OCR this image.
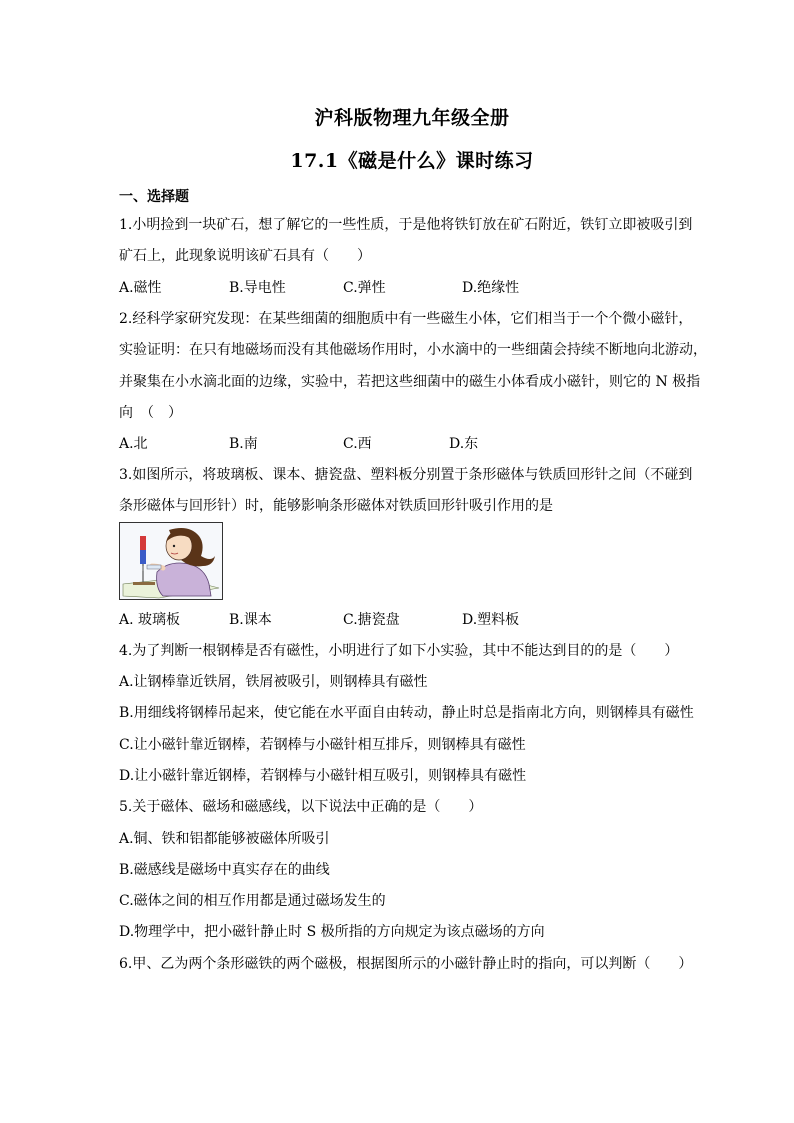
沪科版物理九年级全册
17.1《磁是什么》课时练习
一、选择题
1.小明捡到一块矿石，想了解它的一些性质，于是他将铁钉放在矿石附近，铁钉立即被吸引到
矿石上，此现象说明该矿石具有（　　）
A.磁性	B.导电性	C.弹性	D.绝缘性
2.经科学家研究发现：在某些细菌的细胞质中有一些磁生小体，它们相当于一个个微小磁针，
实验证明：在只有地磁场而没有其他磁场作用时，小水滴中的一些细菌会持续不断地向北游动，
并聚集在小水滴北面的边缘，实验中，若把这些细菌中的磁生小体看成小磁针，则它的 N 极指
向　（　）
A.北	B.南	C.西	D.东
3.如图所示，将玻璃板、课本、搪瓷盘、塑料板分别置于条形磁体与铁质回形针之间（不碰到
条形磁体与回形针）时，能够影响条形磁体对铁质回形针吸引作用的是
A. 玻璃板	B.课本	C.搪瓷盘	D.塑料板
4.为了判断一根钢棒是否有磁性，小明进行了如下小实验，其中不能达到目的的是（　　）
A.让钢棒靠近铁屑，铁屑被吸引，则钢棒具有磁性
B.用细线将钢棒吊起来，使它能在水平面自由转动，静止时总是指南北方向，则钢棒具有磁性
C.让小磁针靠近钢棒，若钢棒与小磁针相互排斥，则钢棒具有磁性
D.让小磁针靠近钢棒，若钢棒与小磁针相互吸引，则钢棒具有磁性
5.关于磁体、磁场和磁感线，以下说法中正确的是（　　）
A.铜、铁和铝都能够被磁体所吸引
B.磁感线是磁场中真实存在的曲线
C.磁体之间的相互作用都是通过磁场发生的
D.物理学中，把小磁针静止时 S 极所指的方向规定为该点磁场的方向
6.甲、乙为两个条形磁铁的两个磁极，根据图所示的小磁针静止时的指向，可以判断（　　）
